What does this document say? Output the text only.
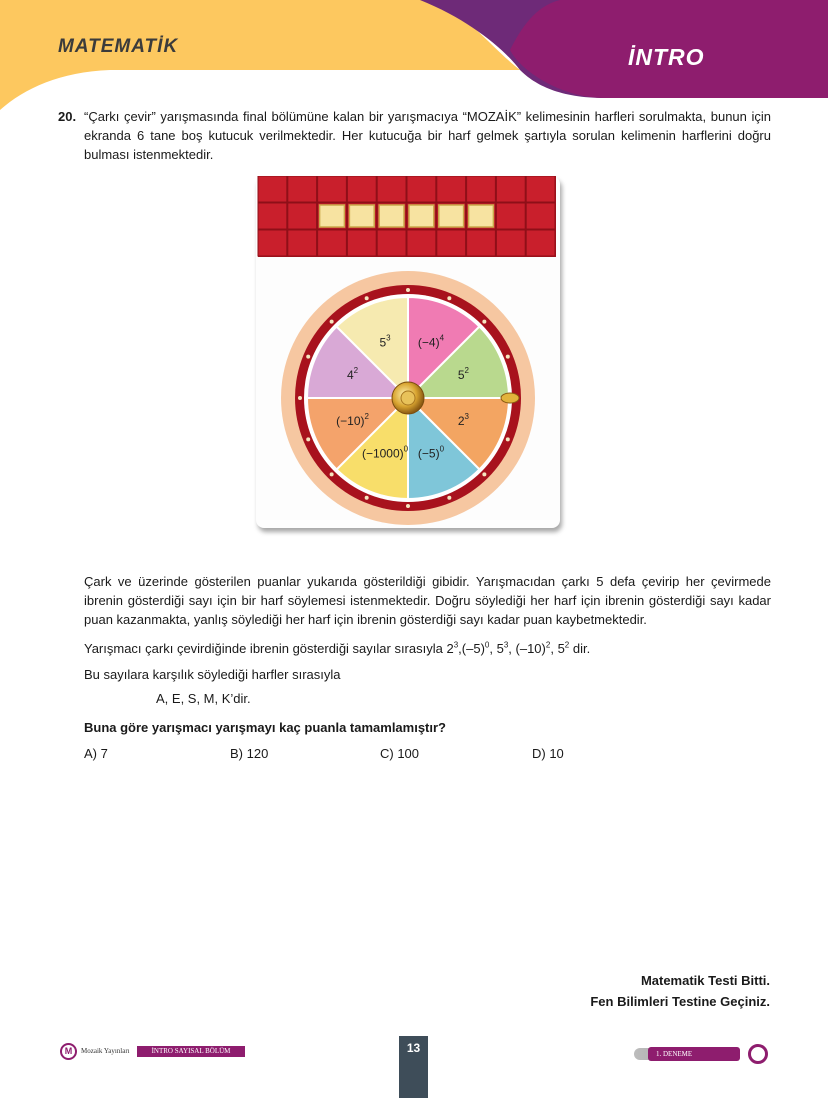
MATEMATİK	İNTRO
20. “Çarkı çevir” yarışmasında final bölümüne kalan bir yarışmacıya “MOZAİK” kelimesinin harfleri sorulmakta, bunun için ekranda 6 tane boş kutucuk verilmektedir. Her kutucuğa bir harf gelmek şartıyla sorulan kelimenin harflerini doğru bulması istenmektedir.
$(-4)^4$
$5^2$
$2^3$
$(-5)^0$
$(-1000)^0$
$(-10)^2$
$4^2$
$5^3$
Çark ve üzerinde gösterilen puanlar yukarıda gösterildiği gibidir. Yarışmacıdan çarkı 5 defa çevirip her çevirmede ibrenin gösterdiği sayı için bir harf söylemesi istenmektedir. Doğru söylediği her harf için ibrenin gösterdiği sayı kadar puan kazanmakta, yanlış söylediği her harf için ibrenin gösterdiği sayı kadar puan kaybetmektedir.
Yarışmacı çarkı çevirdiğinde ibrenin gösterdiği sayılar sırasıyla $2^3,(-5)^0$, $5^3$, $(-10)^2$, $5^2$ dir.
Bu sayılara karşılık söylediği harfler sırasıyla
A, E, S, M, K’dir.
Buna göre yarışmacı yarışmayı kaç puanla tamamlamıştır?
A) 7	B) 120	C) 100	D) 10
Matematik Testi Bitti.
Fen Bilimleri Testine Geçiniz.
M	Mozaik Yayınları	İNTRO SAYISAL BÖLÜM	13	1. DENEME
